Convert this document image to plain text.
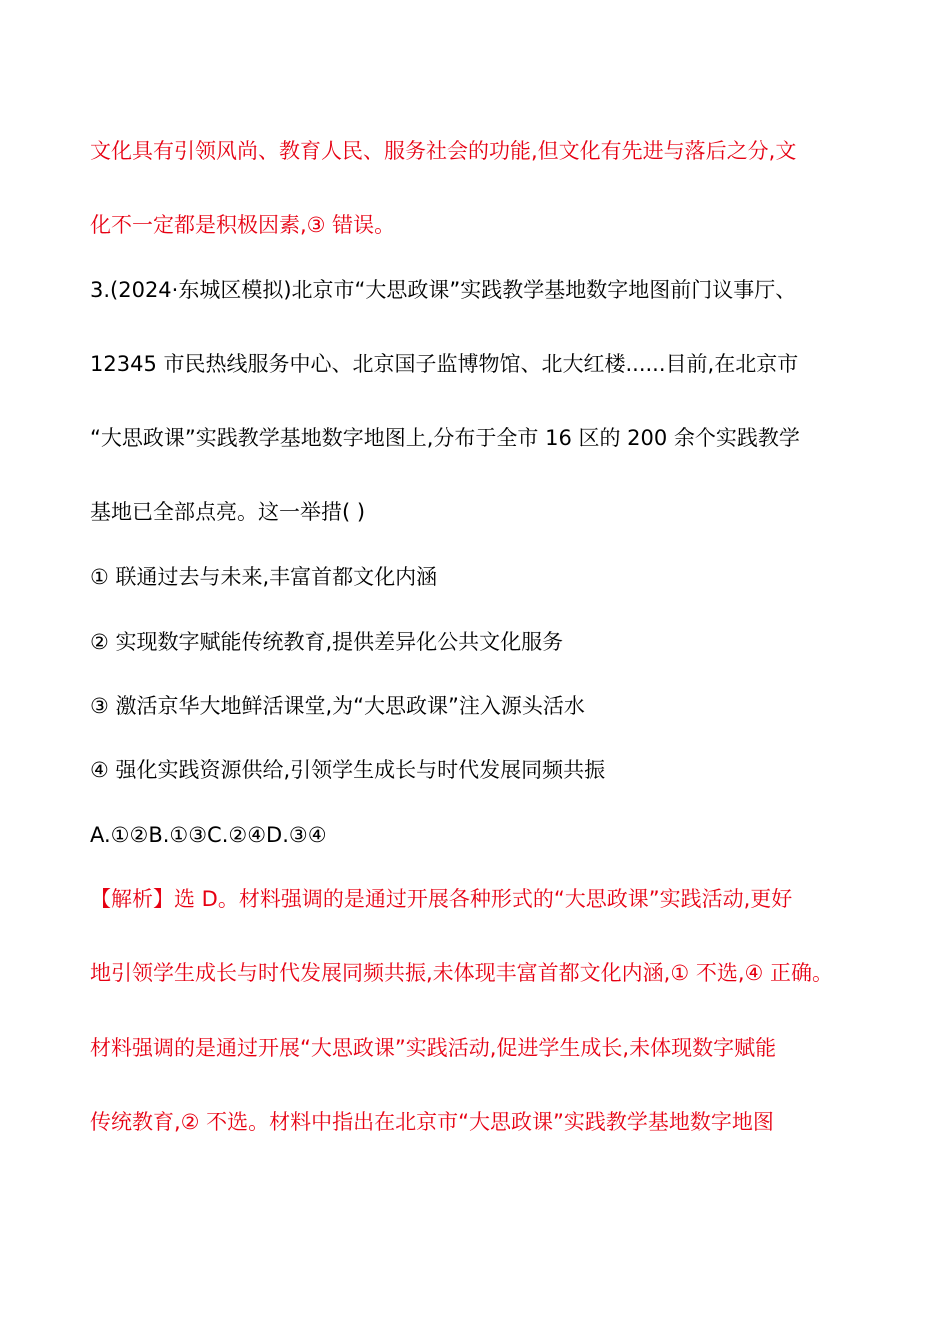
文化具有引领风尚、教育人民、服务社会的功能,但文化有先进与落后之分,文
化不一定都是积极因素,③ 错误。
3.(2024·东城区模拟)北京市“大思政课”实践教学基地数字地图前门议事厅、
12345 市民热线服务中心、北京国子监博物馆、北大红楼......目前,在北京市
“大思政课”实践教学基地数字地图上,分布于全市 16 区的 200 余个实践教学
基地已全部点亮。这一举措( )
① 联通过去与未来,丰富首都文化内涵
② 实现数字赋能传统教育,提供差异化公共文化服务
③ 激活京华大地鲜活课堂,为“大思政课”注入源头活水
④ 强化实践资源供给,引领学生成长与时代发展同频共振
A.①②B.①③C.②④D.③④
【解析】选 D。材料强调的是通过开展各种形式的“大思政课”实践活动,更好
地引领学生成长与时代发展同频共振,未体现丰富首都文化内涵,① 不选,④ 正确。
材料强调的是通过开展“大思政课”实践活动,促进学生成长,未体现数字赋能
传统教育,② 不选。材料中指出在北京市“大思政课”实践教学基地数字地图
